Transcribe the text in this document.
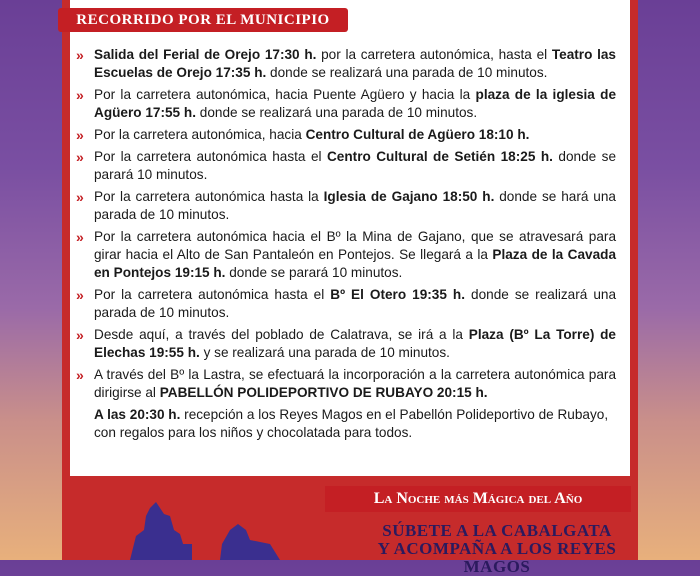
RECORRIDO POR EL MUNICIPIO
» Salida del Ferial de Orejo 17:30 h. por la carretera autonómica, hasta el Teatro las Escuelas de Orejo 17:35 h. donde se realizará una parada de 10 minutos.
» Por la carretera autonómica, hacia Puente Agüero y hacia la plaza de la iglesia de Agüero 17:55 h. donde se realizará una parada de 10 minutos.
» Por la carretera autonómica, hacia Centro Cultural de Agüero 18:10 h.
» Por la carretera autonómica hasta el Centro Cultural de Setién 18:25 h. donde se parará 10 minutos.
» Por la carretera autonómica hasta la Iglesia de Gajano 18:50 h. donde se hará una parada de 10 minutos.
» Por la carretera autonómica hacia el Bº la Mina de Gajano, que se atravesará para girar hacia el Alto de San Pantaleón en Pontejos. Se llegará a la Plaza de la Cavada en Pontejos 19:15 h. donde se parará 10 minutos.
» Por la carretera autonómica hasta el Bº El Otero 19:35 h. donde se realizará una parada de 10 minutos.
» Desde aquí, a través del poblado de Calatrava, se irá a la Plaza (Bº La Torre) de Elechas 19:55 h. y se realizará una parada de 10 minutos.
» A través del Bº la Lastra, se efectuará la incorporación a la carretera autonómica para dirigirse al PABELLÓN POLIDEPORTIVO DE RUBAYO 20:15 h.
A las 20:30 h. recepción a los Reyes Magos en el Pabellón Polideportivo de Rubayo, con regalos para los niños y chocolatada para todos.
La Noche más Mágica del Año
SÚBETE A LA CABALGATA
Y ACOMPAÑA A LOS REYES MAGOS
